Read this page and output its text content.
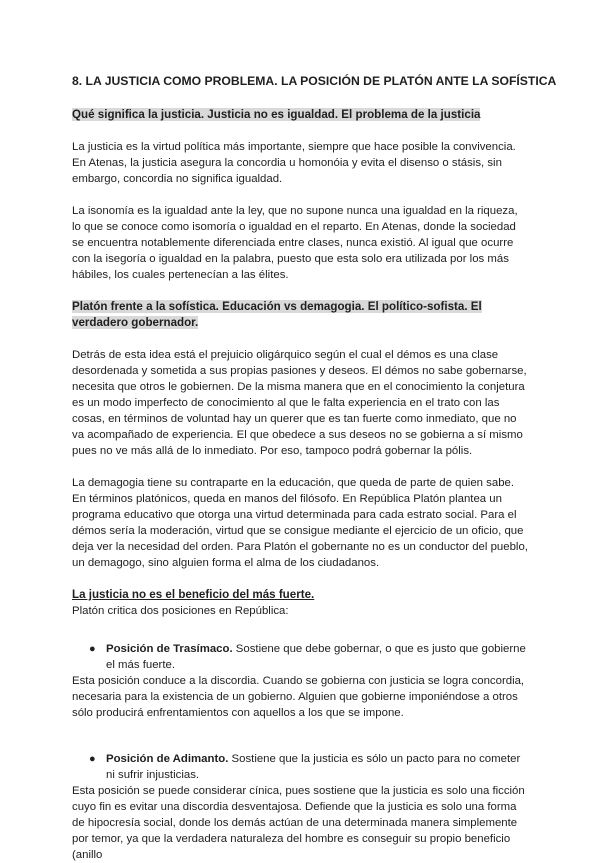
8. LA JUSTICIA COMO PROBLEMA. LA POSICIÓN DE PLATÓN ANTE LA SOFÍSTICA
Qué significa la justicia. Justicia no es igualdad. El problema de la justicia

La justicia es la virtud política más importante, siempre que hace posible la convivencia. En Atenas, la justicia asegura la concordia u homonóia y evita el disenso o stásis, sin embargo, concordia no significa igualdad.

La isonomía es la igualdad ante la ley, que no supone nunca una igualdad en la riqueza, lo que se conoce como isomoría o igualdad en el reparto. En Atenas, donde la sociedad se encuentra notablemente diferenciada entre clases, nunca existió. Al igual que ocurre con la isegoría o igualdad en la palabra, puesto que esta solo era utilizada por los más hábiles, los cuales pertenecían a las élites.

Platón frente a la sofística. Educación vs demagogia. El político-sofista. El verdadero gobernador.

Detrás de esta idea está el prejuicio oligárquico según el cual el démos es una clase desordenada y sometida a sus propias pasiones y deseos. El démos no sabe gobernarse, necesita que otros le gobiernen. De la misma manera que en el conocimiento la conjetura es un modo imperfecto de conocimiento al que le falta experiencia en el trato con las cosas, en términos de voluntad hay un querer que es tan fuerte como inmediato, que no va acompañado de experiencia. El que obedece a sus deseos no se gobierna a sí mismo pues no ve más allá de lo inmediato. Por eso, tampoco podrá gobernar la pólis.

La demagogia tiene su contraparte en la educación, que queda de parte de quien sabe. En términos platónicos, queda en manos del filósofo. En República Platón plantea un programa educativo que otorga una virtud determinada para cada estrato social. Para el démos sería la moderación, virtud que se consigue mediante el ejercicio de un oficio, que deja ver la necesidad del orden. Para Platón el gobernante no es un conductor del pueblo, un demagogo, sino alguien forma el alma de los ciudadanos.

La justicia no es el beneficio del más fuerte.

Platón critica dos posiciones en República:

● Posición de Trasímaco. Sostiene que debe gobernar, o que es justo que gobierne el más fuerte.

Esta posición conduce a la discordia. Cuando se gobierna con justicia se logra concordia, necesaria para la existencia de un gobierno. Alguien que gobierne imponiéndose a otros sólo producirá enfrentamientos con aquellos a los que se impone.

● Posición de Adimanto. Sostiene que la justicia es sólo un pacto para no cometer ni sufrir injusticias.

Esta posición se puede considerar cínica, pues sostiene que la justicia es solo una ficción cuyo fin es evitar una discordia desventajosa. Defiende que la justicia es solo una forma de hipocresía social, donde los demás actúan de una determinada manera simplemente por temor, ya que la verdadera naturaleza del hombre es conseguir su propio beneficio (anillo
